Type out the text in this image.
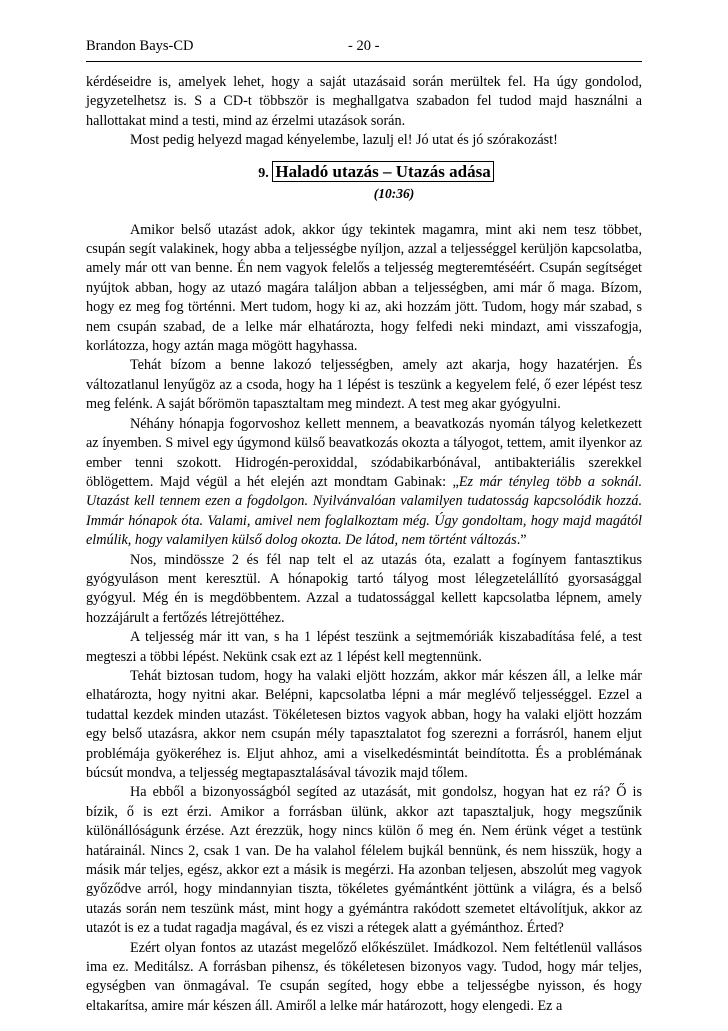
Brandon Bays-CD	- 20 -

kérdéseidre is, amelyek lehet, hogy a saját utazásaid során merültek fel. Ha úgy gondolod, jegyzetelhetsz is. S a CD-t többször is meghallgatva szabadon fel tudod majd használni a hallottakat mind a testi, mind az érzelmi utazások során.

Most pedig helyezd magad kényelembe, lazulj el! Jó utat és jó szórakozást!

9. Haladó utazás – Utazás adása
(10:36)

Amikor belső utazást adok, akkor úgy tekintek magamra, mint aki nem tesz többet, csupán segít valakinek, hogy abba a teljességbe nyíljon, azzal a teljességgel kerüljön kapcsolatba, amely már ott van benne. Én nem vagyok felelős a teljesség megteremtéséért. Csupán segítséget nyújtok abban, hogy az utazó magára találjon abban a teljességben, ami már ő maga. Bízom, hogy ez meg fog történni. Mert tudom, hogy ki az, aki hozzám jött. Tudom, hogy már szabad, s nem csupán szabad, de a lelke már elhatározta, hogy felfedi neki mindazt, ami visszafogja, korlátozza, hogy aztán maga mögött hagyhassa.

Tehát bízom a benne lakozó teljességben, amely azt akarja, hogy hazatérjen. És változatlanul lenyűgöz az a csoda, hogy ha 1 lépést is teszünk a kegyelem felé, ő ezer lépést tesz meg felénk. A saját bőrömön tapasztaltam meg mindezt. A test meg akar gyógyulni.

Néhány hónapja fogorvoshoz kellett mennem, a beavatkozás nyomán tályog keletkezett az ínyemben. S mivel egy úgymond külső beavatkozás okozta a tályogot, tettem, amit ilyenkor az ember tenni szokott. Hidrogén-peroxiddal, szódabikarbónával, antibakteriális szerekkel öblögettem. Majd végül a hét elején azt mondtam Gabinak: „Ez már tényleg több a soknál. Utazást kell tennem ezen a fogdolgon. Nyilvánvalóan valamilyen tudatosság kapcsolódik hozzá. Immár hónapok óta. Valami, amivel nem foglalkoztam még. Úgy gondoltam, hogy majd magától elmúlik, hogy valamilyen külső dolog okozta. De látod, nem történt változás.”

Nos, mindössze 2 és fél nap telt el az utazás óta, ezalatt a fogínyem fantasztikus gyógyuláson ment keresztül. A hónapokig tartó tályog most lélegzetelállító gyorsasággal gyógyul. Még én is megdöbbentem. Azzal a tudatossággal kellett kapcsolatba lépnem, amely hozzájárult a fertőzés létrejöttéhez.

A teljesség már itt van, s ha 1 lépést teszünk a sejtmemóriák kiszabadítása felé, a test megteszi a többi lépést. Nekünk csak ezt az 1 lépést kell megtennünk.

Tehát biztosan tudom, hogy ha valaki eljött hozzám, akkor már készen áll, a lelke már elhatározta, hogy nyitni akar. Belépni, kapcsolatba lépni a már meglévő teljességgel. Ezzel a tudattal kezdek minden utazást. Tökéletesen biztos vagyok abban, hogy ha valaki eljött hozzám egy belső utazásra, akkor nem csupán mély tapasztalatot fog szerezni a forrásról, hanem eljut problémája gyökeréhez is. Eljut ahhoz, ami a viselkedésmintát beindította. És a problémának búcsút mondva, a teljesség megtapasztalásával távozik majd tőlem.

Ha ebből a bizonyosságból segíted az utazását, mit gondolsz, hogyan hat ez rá? Ő is bízik, ő is ezt érzi. Amikor a forrásban ülünk, akkor azt tapasztaljuk, hogy megszűnik különállóságunk érzése. Azt érezzük, hogy nincs külön ő meg én. Nem érünk véget a testünk határainál. Nincs 2, csak 1 van. De ha valahol félelem bujkál bennünk, és nem hisszük, hogy a másik már teljes, egész, akkor ezt a másik is megérzi. Ha azonban teljesen, abszolút meg vagyok győződve arról, hogy mindannyian tiszta, tökéletes gyémántként jöttünk a világra, és a belső utazás során nem teszünk mást, mint hogy a gyémántra rakódott szemetet eltávolítjuk, akkor az utazót is ez a tudat ragadja magával, és ez viszi a rétegek alatt a gyémánthoz. Érted?

Ezért olyan fontos az utazást megelőző előkészület. Imádkozol. Nem feltétlenül vallásos ima ez. Meditálsz. A forrásban pihensz, és tökéletesen bizonyos vagy. Tudod, hogy már teljes, egységben van önmagával. Te csupán segíted, hogy ebbe a teljességbe nyisson, és hogy eltakarítsa, amire már készen áll. Amiről a lelke már határozott, hogy elengedi. Ez a
